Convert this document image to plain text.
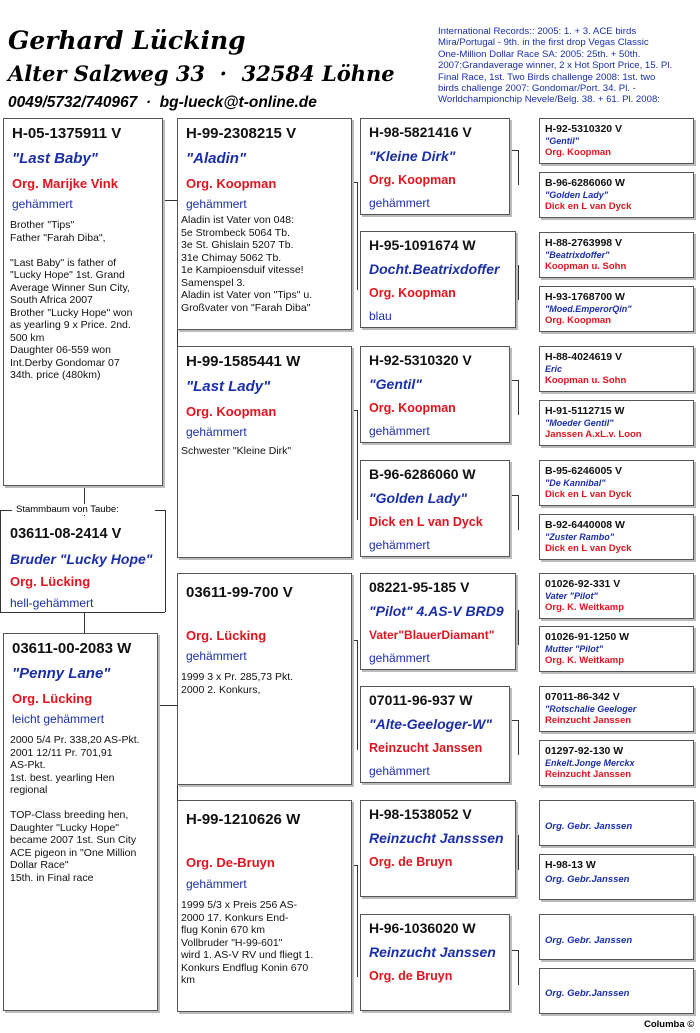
Gerhard Lücking
Alter Salzweg 33  ·  32584 Löhne
0049/5732/740967  ·  bg-lueck@t-online.de
International Records:: 2005: 1. + 3. ACE birds
Mira/Portugal - 9th. in the first drop Vegas Classic
One-Million Dollar Race SA: 2005: 25th. + 50th.
2007:Grandaverage winner, 2 x Hot Sport Price, 15. Pl.
Final Race, 1st. Two Birds challenge 2008: 1st. two
birds challenge 2007: Gondomar/Port. 34. Pl. -
Worldchampionchip Nevele/Belg. 38. + 61. Pl. 2008:
H-05-1375911 V
"Last Baby"
Org. Marijke Vink
gehämmert
Brother "Tips"
Father "Farah Diba",

"Last Baby" is father of
"Lucky Hope" 1st. Grand
Average Winner Sun City,
South Africa 2007
Brother "Lucky Hope" won
as yearling 9 x Price. 2nd.
500 km
Daughter 06-559 won
Int.Derby Gondomar 07
34th. price (480km)
Stammbaum von Taube:
03611-08-2414 V
Bruder "Lucky Hope"
Org. Lücking
hell-gehämmert
03611-00-2083 W
"Penny Lane"
Org. Lücking
leicht gehämmert
2000 5/4 Pr. 338,20 AS-Pkt.
2001 12/11 Pr. 701,91
AS-Pkt.
1st. best. yearling Hen
regional

TOP-Class breeding hen,
Daughter "Lucky Hope"
became 2007 1st. Sun City
ACE pigeon in "One Million
Dollar Race"
15th. in Final race
H-99-2308215 V
"Aladin"
Org. Koopman
gehämmert
Aladin ist Vater von 048:
5e Strombeck 5064 Tb.
3e St. Ghislain 5207 Tb.
31e Chimay 5062 Tb.
1e Kampioensduif vitesse!
Samenspel 3.
Aladin ist Vater von "Tips" u.
Großvater von "Farah Diba"
H-99-1585441 W
"Last Lady"
Org. Koopman
gehämmert
Schwester "Kleine Dirk"
03611-99-700 V
Org. Lücking
gehämmert
1999 3 x Pr. 285,73 Pkt.
2000 2. Konkurs,
H-99-1210626 W
Org. De-Bruyn
gehämmert
1999 5/3 x Preis 256 AS-
2000 17. Konkurs End-
flug Konin 670 km
Vollbruder "H-99-601"
wird 1. AS-V RV und fliegt 1.
Konkurs Endflug Konin 670
km
H-98-5821416 V
"Kleine Dirk"
Org. Koopman
gehämmert
H-95-1091674 W
Docht.Beatrixdoffer
Org. Koopman
blau
H-92-5310320 V
"Gentil"
Org. Koopman
gehämmert
B-96-6286060 W
"Golden Lady"
Dick en L van Dyck
gehämmert
08221-95-185 V
"Pilot" 4.AS-V BRD9
Vater"BlauerDiamant"
gehämmert
07011-96-937 W
"Alte-Geeloger-W"
Reinzucht Janssen
gehämmert
H-98-1538052 V
Reinzucht Jansssen
Org. de Bruyn
H-96-1036020 W
Reinzucht Janssen
Org. de Bruyn
H-92-5310320 V
"Gentil"
Org. Koopman
B-96-6286060 W
"Golden Lady"
Dick en L van Dyck
H-88-2763998 V
"Beatrixdoffer"
Koopman u. Sohn
H-93-1768700 W
"Moed.EmperorQin"
Org. Koopman
H-88-4024619 V
Eric
Koopman u. Sohn
H-91-5112715 W
"Moeder Gentil"
Janssen A.xL.v. Loon
B-95-6246005 V
"De Kannibal"
Dick en L van Dyck
B-92-6440008 W
"Zuster Rambo"
Dick en L van Dyck
01026-92-331 V
Vater "Pilot"
Org. K. Weitkamp
01026-91-1250 W
Mutter "Pilot"
Org. K. Weitkamp
07011-86-342 V
"Rotschalie Geeloger
Reinzucht Janssen
01297-92-130 W
Enkelt.Jonge Merckx
Reinzucht Janssen
Org. Gebr. Janssen
H-98-13 W
Org. Gebr.Janssen
Org. Gebr. Janssen
Org. Gebr.Janssen
Columba ©
